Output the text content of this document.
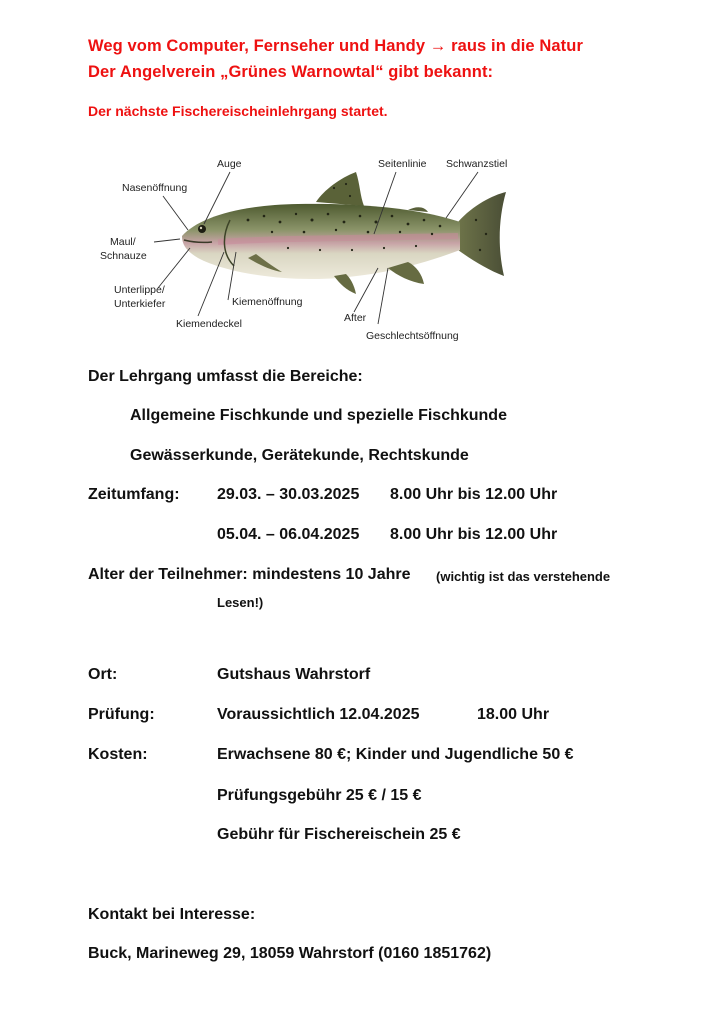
Weg vom Computer, Fernseher und Handy → raus in die Natur
Der Angelverein „Grünes Warnowtal“ gibt bekannt:
Der nächste Fischereischeinlehrgang startet.
Auge
Nasenöffnung
Maul/
Schnauze
Unterlippe/
Unterkiefer
Kiemendeckel
Kiemenöffnung
Seitenlinie Schwanzstiel
After
Geschlechtsöffnung
Der Lehrgang umfasst die Bereiche:
Allgemeine Fischkunde und spezielle Fischkunde
Gewässerkunde, Gerätekunde, Rechtskunde
Zeitumfang: 29.03. – 30.03.2025 8.00 Uhr bis 12.00 Uhr
05.04. – 06.04.2025 8.00 Uhr bis 12.00 Uhr
Alter der Teilnehmer: mindestens 10 Jahre (wichtig ist das verstehende
Lesen!)
Ort:	Gutshaus Wahrstorf
Prüfung:	Voraussichtlich 12.04.2025	18.00 Uhr
Kosten:	Erwachsene 80 €; Kinder und Jugendliche 50 €
Prüfungsgebühr 25 € / 15 €
Gebühr für Fischereischein 25 €
Kontakt bei Interesse:
Buck, Marineweg 29, 18059 Wahrstorf (0160 1851762)
